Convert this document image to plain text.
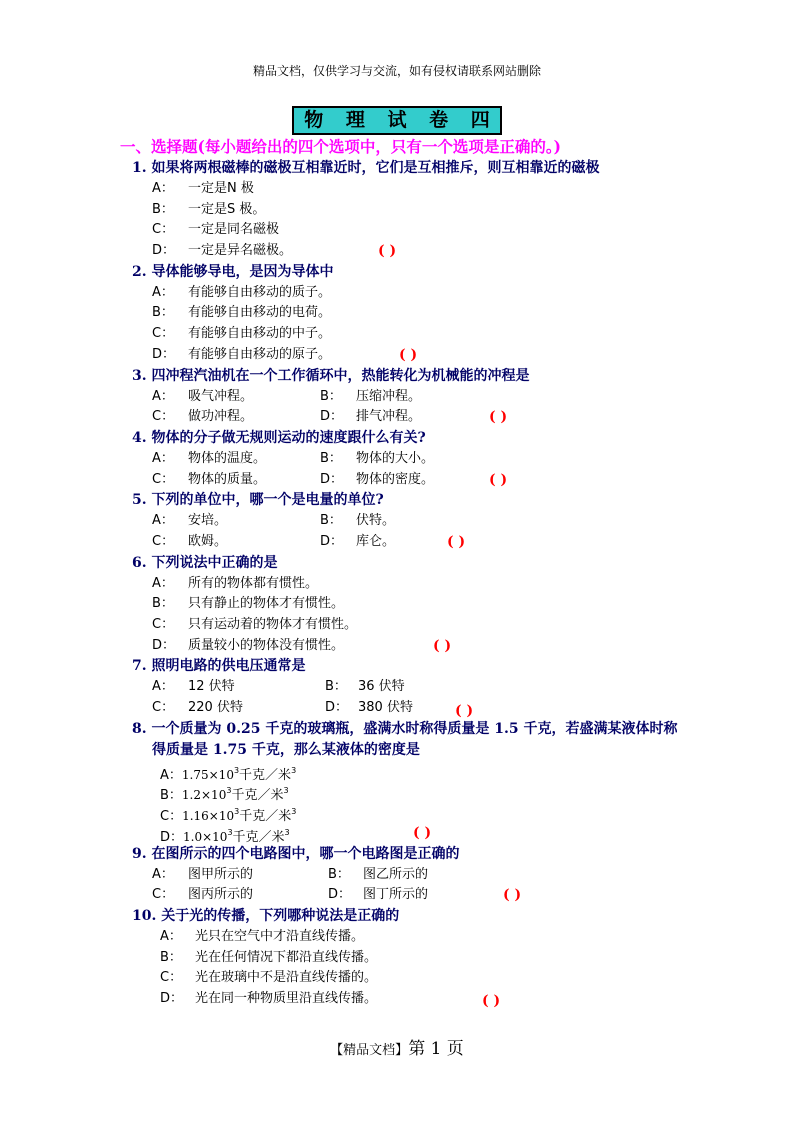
精品文档，仅供学习与交流，如有侵权请联系网站删除
物 理 试 卷 四
一、选择题(每小题给出的四个选项中，只有一个选项是正确的。)
1. 如果将两根磁棒的磁极互相靠近时，它们是互相推斥，则互相靠近的磁极
A： 一定是N 极
B： 一定是S 极。
C： 一定是同名磁极
D： 一定是异名磁极。	( )
2. 导体能够导电，是因为导体中
A： 有能够自由移动的质子。
B： 有能够自由移动的电荷。
C： 有能够自由移动的中子。
D： 有能够自由移动的原子。	( )
3. 四冲程汽油机在一个工作循环中，热能转化为机械能的冲程是
A： 吸气冲程。	B： 压缩冲程。
C： 做功冲程。	D： 排气冲程。	( )
4. 物体的分子做无规则运动的速度跟什么有关?
A： 物体的温度。	B： 物体的大小。
C： 物体的质量。	D： 物体的密度。	( )
5. 下列的单位中，哪一个是电量的单位?
A： 安培。	B： 伏特。
C： 欧姆。	D： 库仑。	( )
6. 下列说法中正确的是
A： 所有的物体都有惯性。
B： 只有静止的物体才有惯性。
C： 只有运动着的物体才有惯性。
D： 质量较小的物体没有惯性。	( )
7. 照明电路的供电压通常是
A： 12 伏特	B： 36 伏特
C： 220 伏特	D： 380 伏特	( )
8. 一个质量为 0.25 千克的玻璃瓶，盛满水时称得质量是 1.5 千克，若盛满某液体时称
得质量是 1.75 千克，那么某液体的密度是
A：$1.75\times 10^3$千克／米$^3$
B：$1.2\times 10^3$千克／米$^3$
C：$1.16\times 10^3$千克／米$^3$
D：$1.0\times 10^3$千克／米$^3$	( )
9. 在图所示的四个电路图中，哪一个电路图是正确的
A： 图甲所示的	B： 图乙所示的
C： 图丙所示的	D： 图丁所示的	( )
10. 关于光的传播，下列哪种说法是正确的
A： 光只在空气中才沿直线传播。
B： 光在任何情况下都沿直线传播。
C： 光在玻璃中不是沿直线传播的。
D： 光在同一种物质里沿直线传播。	( )
【精品文档】第 1 页
